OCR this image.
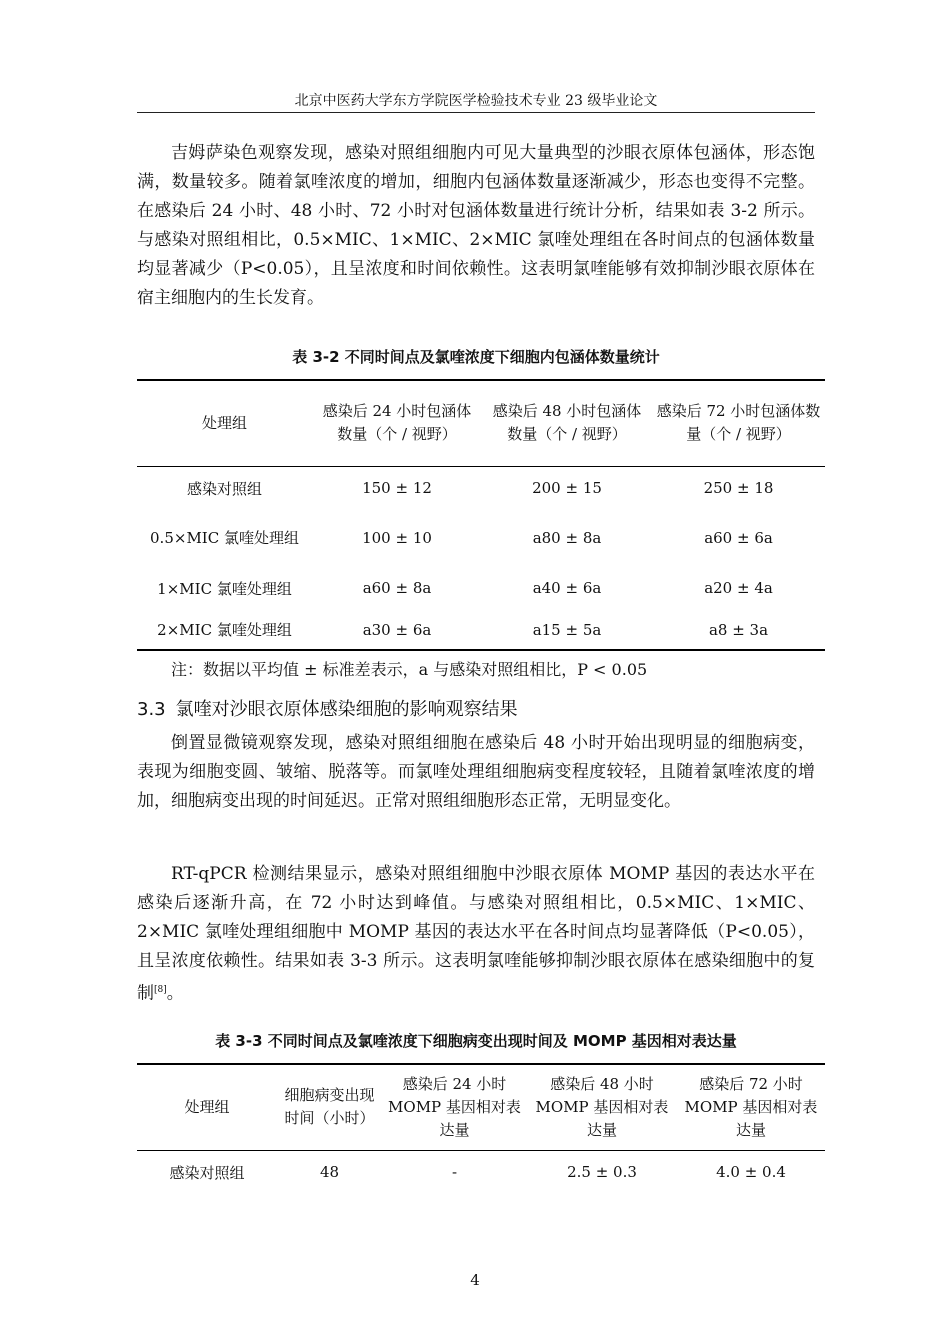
北京中医药大学东方学院医学检验技术专业 23 级毕业论文

吉姆萨染色观察发现，感染对照组细胞内可见大量典型的沙眼衣原体包涵体，形态饱满，数量较多。随着氯喹浓度的增加，细胞内包涵体数量逐渐减少，形态也变得不完整。在感染后 24 小时、48 小时、72 小时对包涵体数量进行统计分析，结果如表 3-2 所示。与感染对照组相比，0.5×MIC、1×MIC、2×MIC 氯喹处理组在各时间点的包涵体数量均显著减少（P<0.05），且呈浓度和时间依赖性。这表明氯喹能够有效抑制沙眼衣原体在宿主细胞内的生长发育。

表 3-2 不同时间点及氯喹浓度下细胞内包涵体数量统计
处理组	感染后 24 小时包涵体数量（个 / 视野）	感染后 48 小时包涵体数量（个 / 视野）	感染后 72 小时包涵体数量（个 / 视野）
感染对照组	150 ± 12	200 ± 15	250 ± 18
0.5×MIC 氯喹处理组	100 ± 10	a80 ± 8a	a60 ± 6a
1×MIC 氯喹处理组	a60 ± 8a	a40 ± 6a	a20 ± 4a
2×MIC 氯喹处理组	a30 ± 6a	a15 ± 5a	a8 ± 3a
注：数据以平均值 ± 标准差表示，a 与感染对照组相比，P < 0.05
3.3 氯喹对沙眼衣原体感染细胞的影响观察结果

倒置显微镜观察发现，感染对照组细胞在感染后 48 小时开始出现明显的细胞病变，表现为细胞变圆、皱缩、脱落等。而氯喹处理组细胞病变程度较轻，且随着氯喹浓度的增加，细胞病变出现的时间延迟。正常对照组细胞形态正常，无明显变化。

RT-qPCR 检测结果显示，感染对照组细胞中沙眼衣原体 MOMP 基因的表达水平在感染后逐渐升高，在 72 小时达到峰值。与感染对照组相比，0.5×MIC、1×MIC、2×MIC 氯喹处理组细胞中 MOMP 基因的表达水平在各时间点均显著降低（P<0.05），且呈浓度依赖性。结果如表 3-3 所示。这表明氯喹能够抑制沙眼衣原体在感染细胞中的复制[8]。

表 3-3 不同时间点及氯喹浓度下细胞病变出现时间及 MOMP 基因相对表达量
处理组	细胞病变出现时间（小时）	感染后 24 小时 MOMP 基因相对表达量	感染后 48 小时 MOMP 基因相对表达量	感染后 72 小时 MOMP 基因相对表达量
感染对照组	48	-	2.5 ± 0.3	4.0 ± 0.4
4
